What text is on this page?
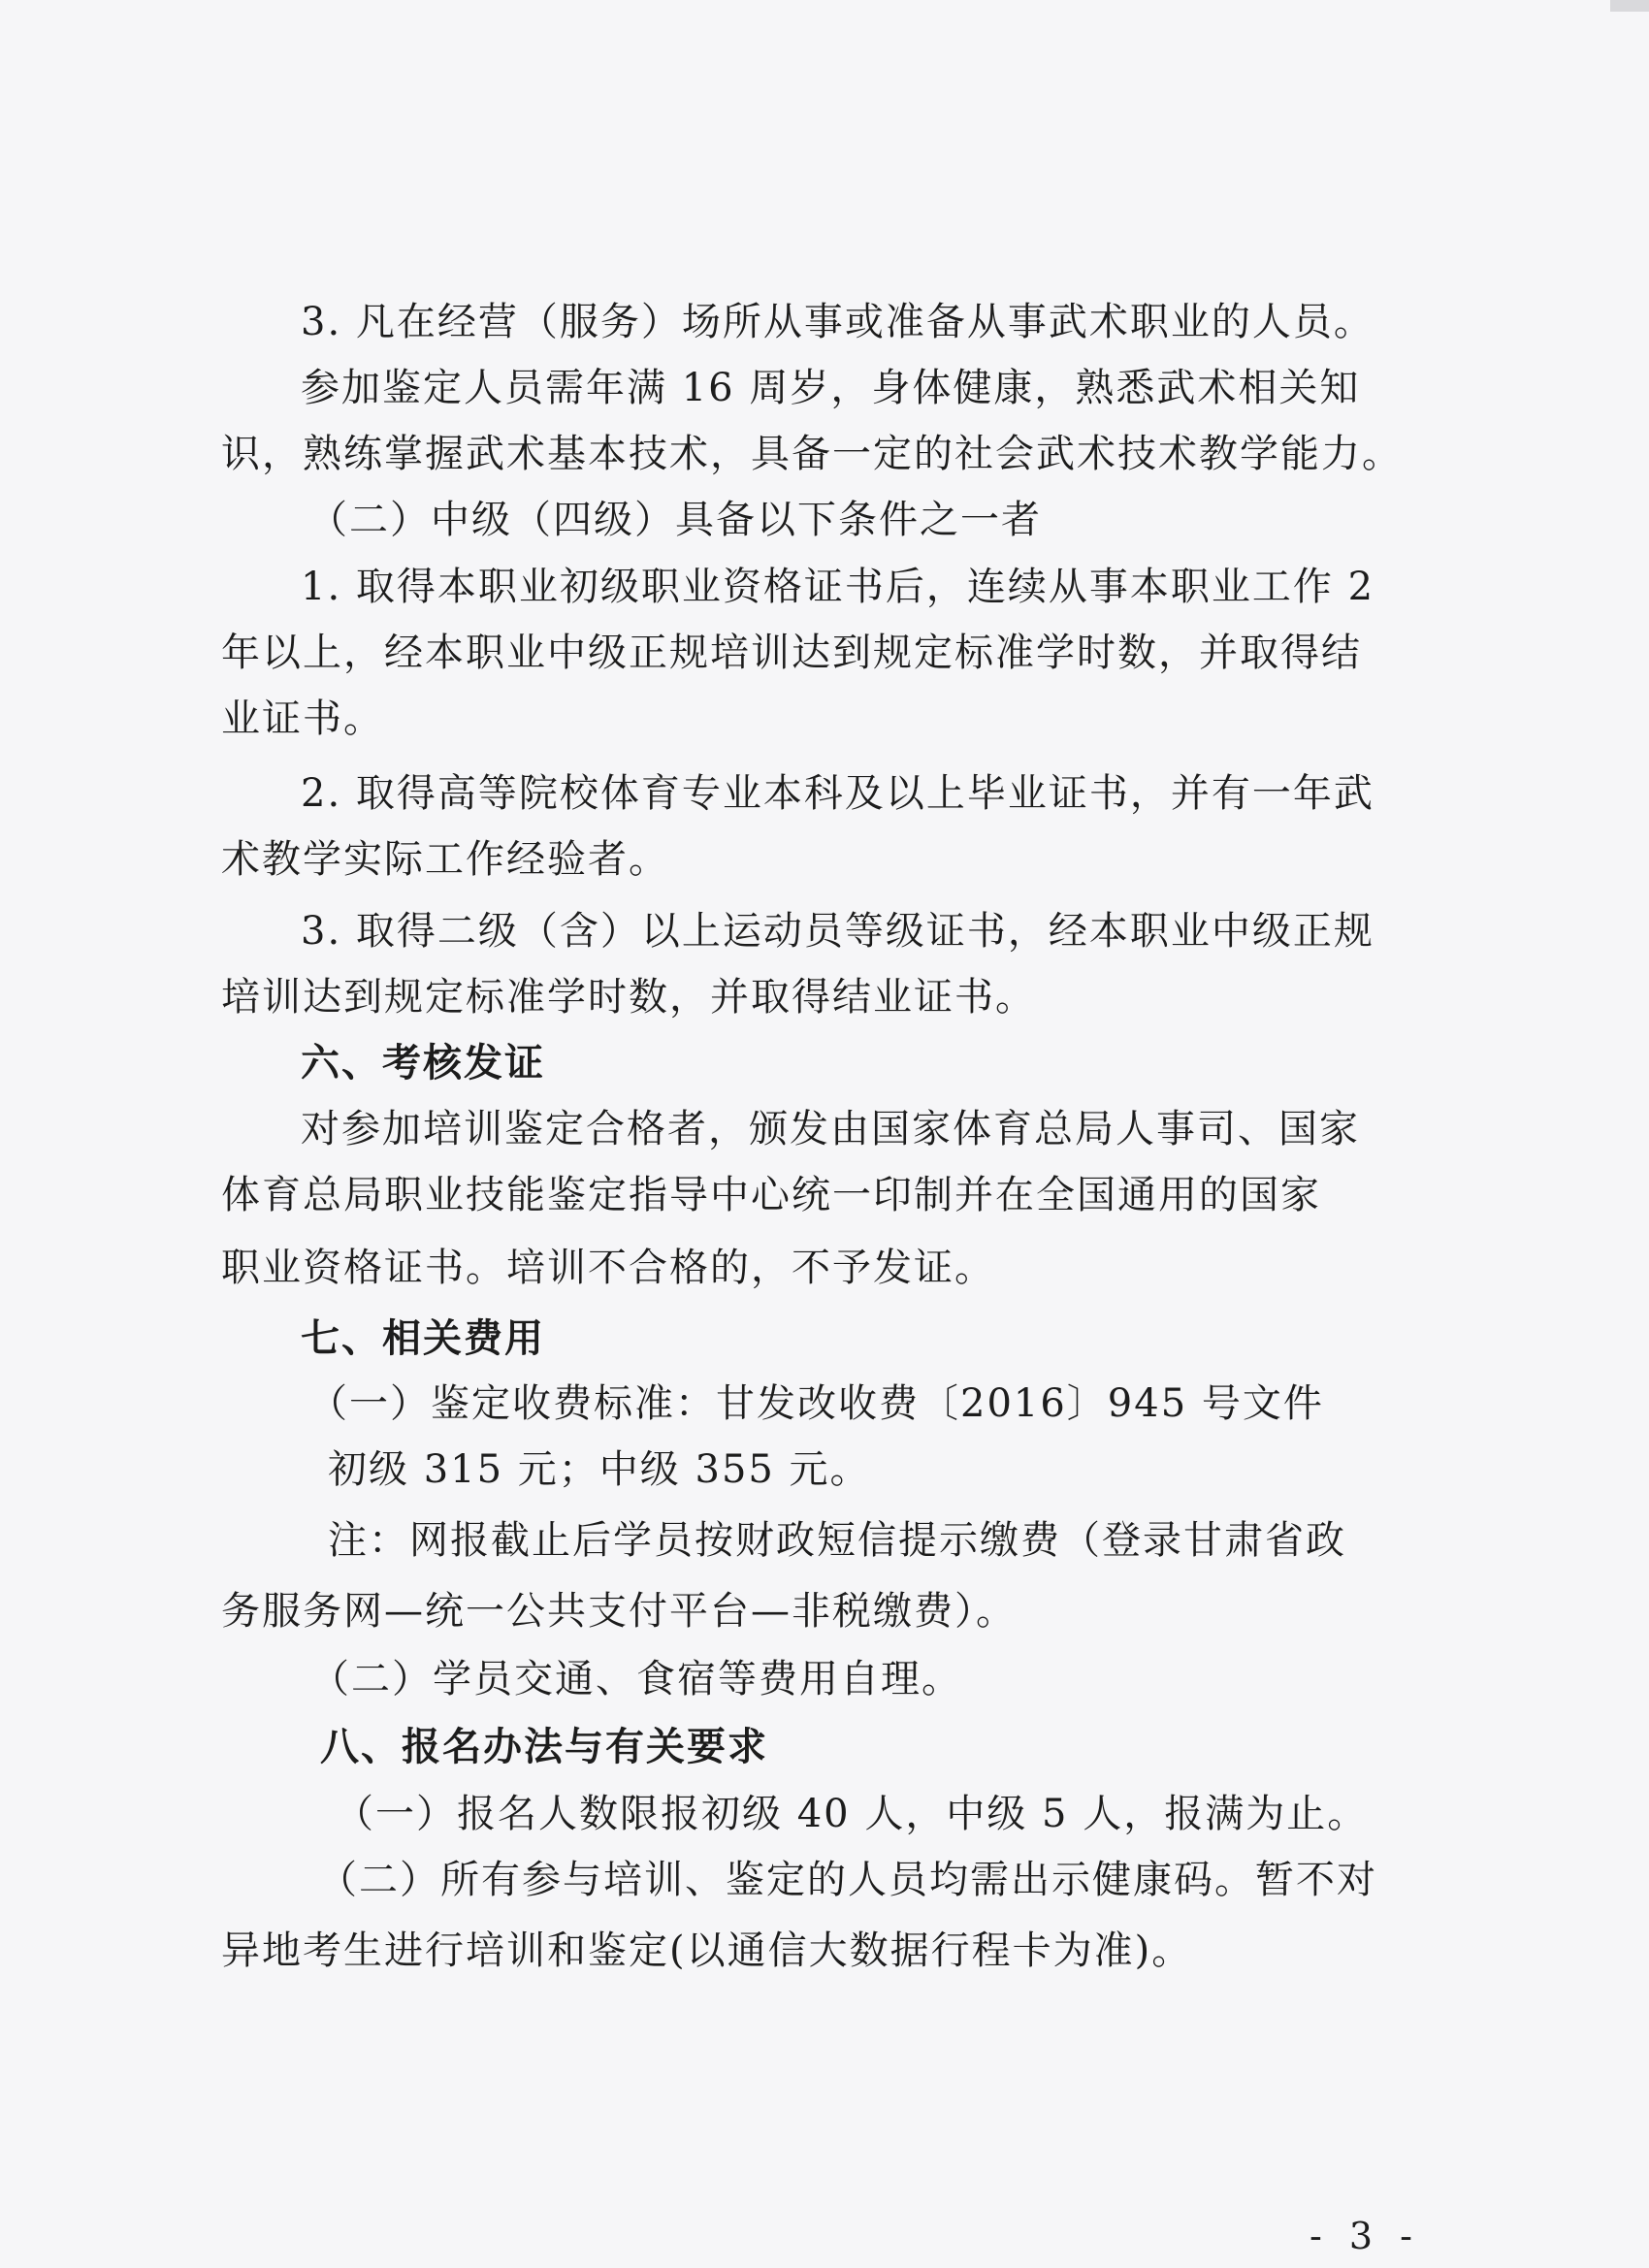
3. 凡在经营（服务）场所从事或准备从事武术职业的人员。
参加鉴定人员需年满 16 周岁，身体健康，熟悉武术相关知
识，熟练掌握武术基本技术，具备一定的社会武术技术教学能力。
（二）中级（四级）具备以下条件之一者
1. 取得本职业初级职业资格证书后，连续从事本职业工作 2
年以上，经本职业中级正规培训达到规定标准学时数，并取得结
业证书。
2. 取得高等院校体育专业本科及以上毕业证书，并有一年武
术教学实际工作经验者。
3. 取得二级（含）以上运动员等级证书，经本职业中级正规
培训达到规定标准学时数，并取得结业证书。
六、考核发证
对参加培训鉴定合格者，颁发由国家体育总局人事司、国家
体育总局职业技能鉴定指导中心统一印制并在全国通用的国家
职业资格证书。培训不合格的，不予发证。
七、相关费用
（一）鉴定收费标准：甘发改收费〔2016〕945 号文件
初级 315 元；中级 355 元。
注：网报截止后学员按财政短信提示缴费（登录甘肃省政
务服务网—统一公共支付平台—非税缴费）。
（二）学员交通、食宿等费用自理。
八、报名办法与有关要求
（一）报名人数限报初级 40 人，中级 5 人，报满为止。
（二）所有参与培训、鉴定的人员均需出示健康码。暂不对
异地考生进行培训和鉴定(以通信大数据行程卡为准)。
- 3 -
